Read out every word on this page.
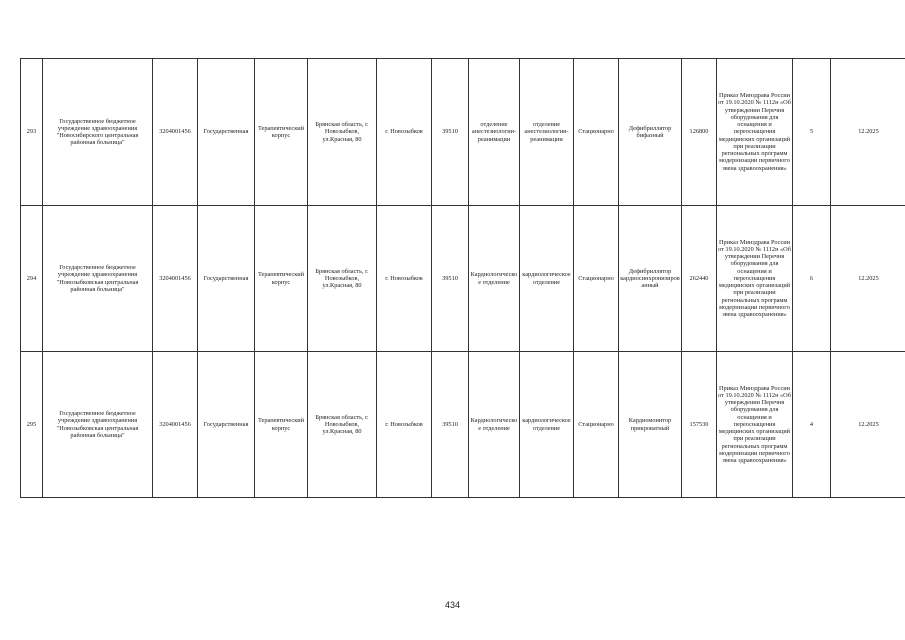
293	Государственное бюджетное учреждение здравоохранения "Новосибирского центральная районная больница"	3204001456	Государственная	Терапевтический корпус	Брянская область, г. Новозыбков, ул.Красная, 80	г. Новозыбков	39510	отделение анестезиологии-реанимации	отделение анестезиологии-реанимации	Стационарно	Дефибриллятор бифазный	126800	Приказ Минздрава России от 19.10.2020 № 1112н «Об утверждении Перечня оборудования для оснащения и переоснащения медицинских организаций при реализации региональных программ модернизации первичного звена здравоохранения»	5	12.2025
294	Государственное бюджетное учреждение здравоохранения "Новозыбковская центральная районная больница"	3204001456	Государственная	Терапевтический корпус	Брянская область, г. Новозыбков, ул.Красная, 80	г. Новозыбков	39510	Кардиологическое отделение	кардиологическое отделение	Стационарно	Дефибриллятор кардиосинхронизированный	262440	Приказ Минздрава России от 19.10.2020 № 1112н «Об утверждении Перечня оборудования для оснащения и переоснащения медицинских организаций при реализации региональных программ модернизации первичного звена здравоохранения»	6	12.2025
295	Государственное бюджетное учреждение здравоохранения "Новозыбковская центральная районная больница"	3204001456	Государственная	Терапевтический корпус	Брянская область, г. Новозыбков, ул.Красная, 80	г. Новозыбков	39510	Кардиологическое отделение	кардиологическое отделение	Стационарно	Кардиомонитор прикроватный	157530	Приказ Минздрава России от 19.10.2020 № 1112н «Об утверждении Перечня оборудования для оснащения и переоснащения медицинских организаций при реализации региональных программ модернизации первичного звена здравоохранения»	4	12.2025
434
